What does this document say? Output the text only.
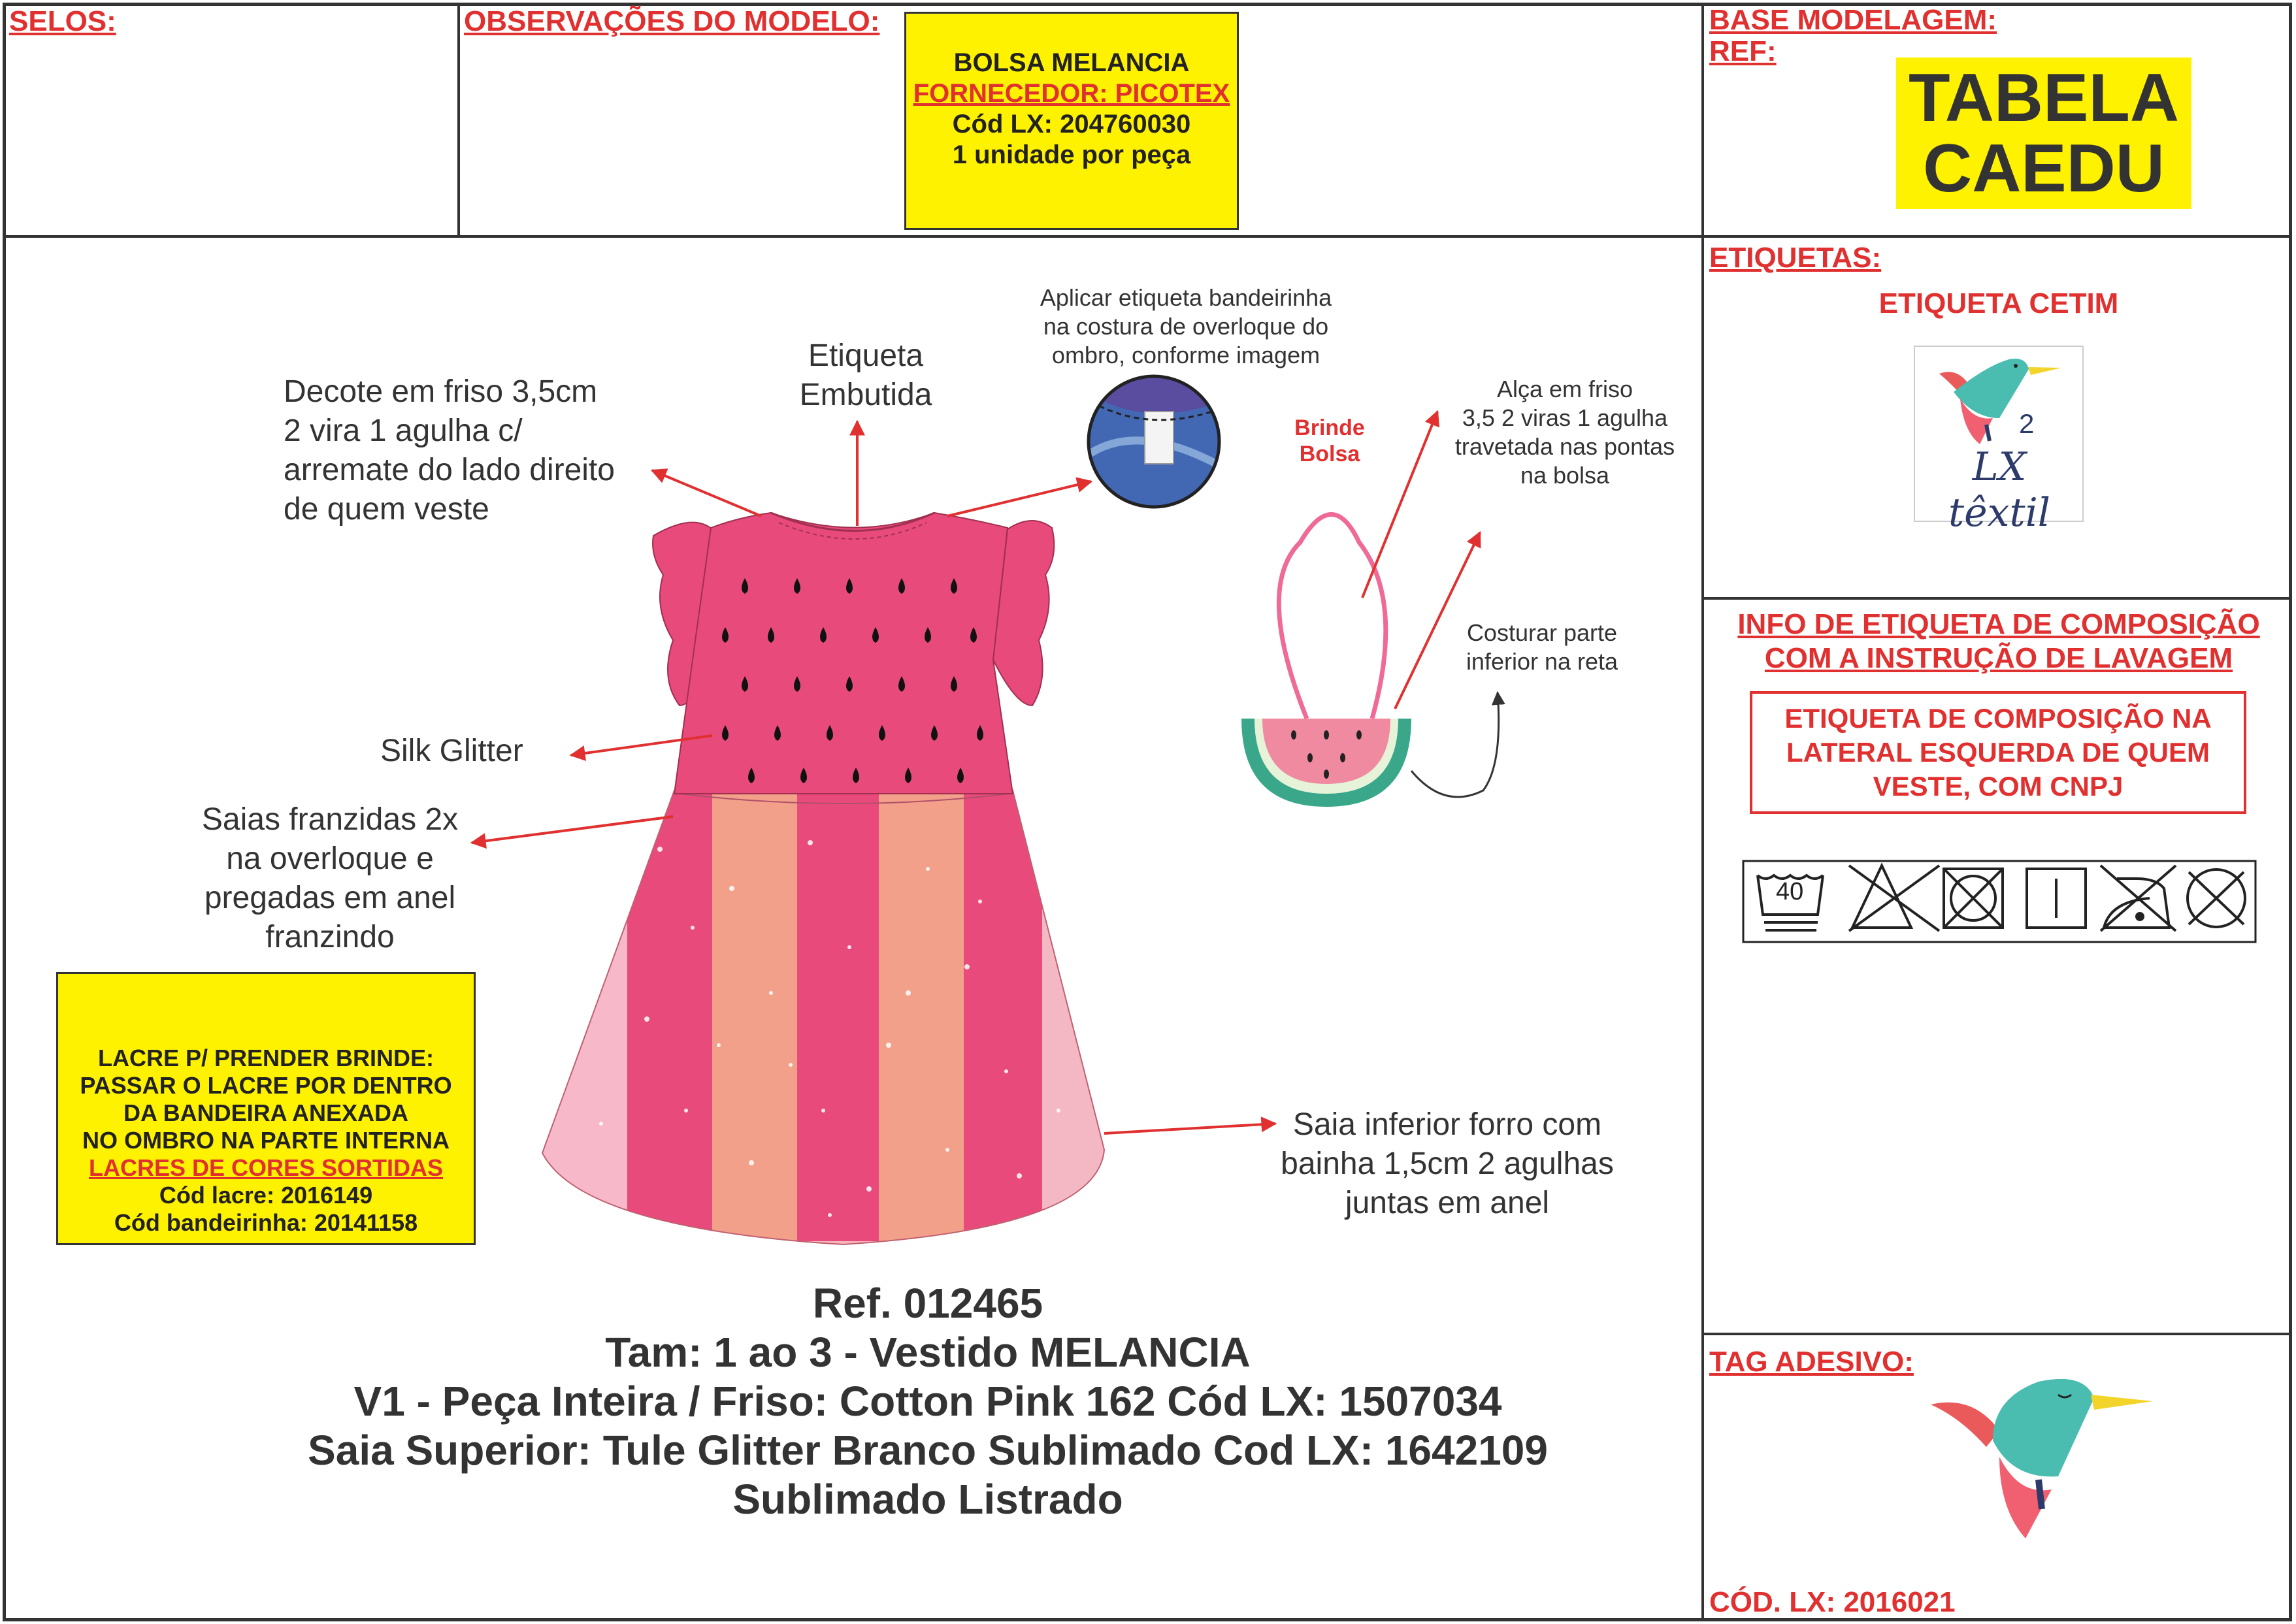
SELOS:	OBSERVAÇÕES DO MODELO:	BASE MODELAGEM:
REF:
BOLSA MELANCIA
FORNECEDOR: PICOTEX
Cód LX: 204760030
1 unidade por peça
TABELA
CAEDU
Decote em friso 3,5cm
2 vira 1 agulha c/
arremate do lado direito
de quem veste
Etiqueta
Embutida
Aplicar etiqueta bandeirinha
na costura de overloque do
ombro, conforme imagem
Brinde
Bolsa
Alça em friso
3,5 2 viras 1 agulha
travetada nas pontas
na bolsa
Costurar parte
inferior na reta
Silk Glitter
Saias franzidas 2x
na overloque e
pregadas em anel
franzindo
Saia inferior forro com
bainha 1,5cm 2 agulhas
juntas em anel
LACRE P/ PRENDER BRINDE:
PASSAR O LACRE POR DENTRO
DA BANDEIRA ANEXADA
NO OMBRO NA PARTE INTERNA
LACRES DE CORES SORTIDAS
Cód lacre: 2016149
Cód bandeirinha: 20141158
Ref. 012465
Tam: 1 ao 3 - Vestido MELANCIA
V1 - Peça Inteira / Friso: Cotton Pink 162 Cód LX: 1507034
Saia Superior: Tule Glitter Branco Sublimado Cod LX: 1642109
Sublimado Listrado
ETIQUETAS:
ETIQUETA CETIM
2
LX têxtil
INFO DE ETIQUETA DE COMPOSIÇÃO
COM A INSTRUÇÃO DE LAVAGEM
ETIQUETA DE COMPOSIÇÃO NA
LATERAL ESQUERDA DE QUEM
VESTE, COM CNPJ
40
TAG ADESIVO:
CÓD. LX: 2016021
